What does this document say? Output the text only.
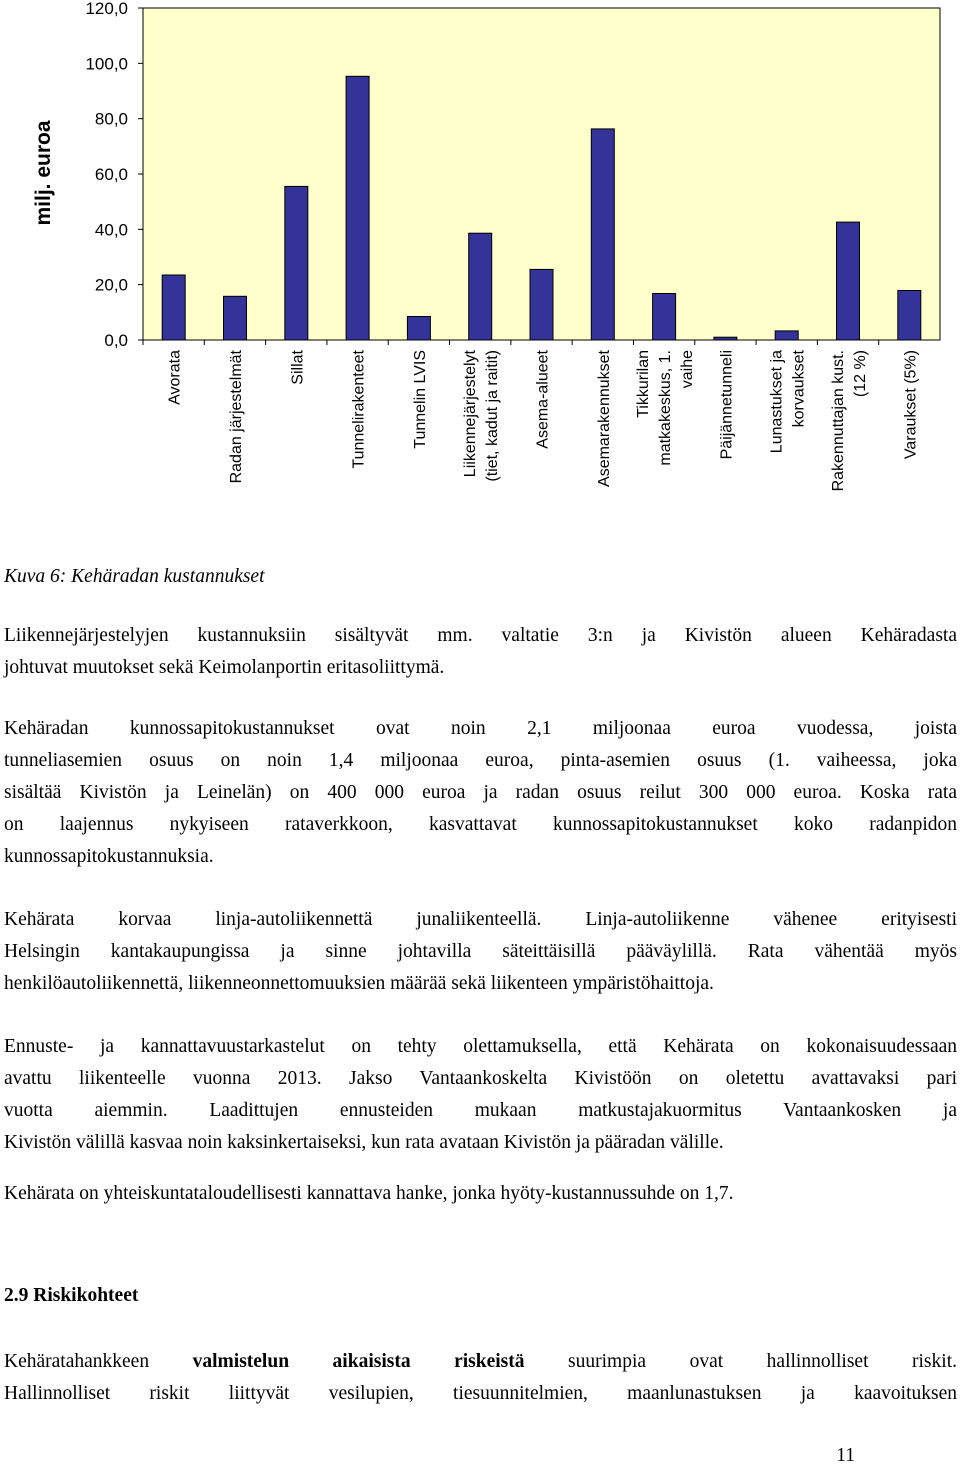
0,0
20,0
40,0
60,0
80,0
100,0
120,0
Avorata	Radan järjestelmät	Sillat	Tunnelirakenteet	Tunnelin LVIS Liikennejärjestelyt (tiet, kadut ja raitit) Asema-alueet	Asemarakennukset Tikkurilan matkakeskus, 1. vaihe Päijännetunneli Lunastukset ja korvaukset Rakennuttajan kust. (12 %) Varaukset (5%)
milj. euroa
Kuva 6: Kehäradan kustannukset
Liikennejärjestelyjen kustannuksiin sisältyvät mm. valtatie 3:n ja Kivistön alueen Kehäradasta
johtuvat muutokset sekä Keimolanportin eritasoliittymä.
Kehäradan kunnossapitokustannukset ovat noin 2,1 miljoonaa euroa vuodessa, joista
tunneliasemien osuus on noin 1,4 miljoonaa euroa, pinta-asemien osuus (1. vaiheessa, joka
sisältää Kivistön ja Leinelän) on 400 000 euroa ja radan osuus reilut 300 000 euroa. Koska rata
on laajennus nykyiseen rataverkkoon, kasvattavat kunnossapitokustannukset koko radanpidon
kunnossapitokustannuksia.
Kehärata korvaa linja-autoliikennettä junaliikenteellä. Linja-autoliikenne vähenee erityisesti
Helsingin kantakaupungissa ja sinne johtavilla säteittäisillä pääväylillä. Rata vähentää myös
henkilöautoliikennettä, liikenneonnettomuuksien määrää sekä liikenteen ympäristöhaittoja.
Ennuste- ja kannattavuustarkastelut on tehty olettamuksella, että Kehärata on kokonaisuudessaan
avattu liikenteelle vuonna 2013. Jakso Vantaankoskelta Kivistöön on oletettu avattavaksi pari
vuotta aiemmin. Laadittujen ennusteiden mukaan matkustajakuormitus Vantaankosken ja
Kivistön välillä kasvaa noin kaksinkertaiseksi, kun rata avataan Kivistön ja pääradan välille.
Kehärata on yhteiskuntataloudellisesti kannattava hanke, jonka hyöty-kustannussuhde on 1,7.
2.9 Riskikohteet
Kehäratahankkeen valmistelun aikaisista riskeistä suurimpia ovat hallinnolliset riskit.
Hallinnolliset riskit liittyvät vesilupien, tiesuunnitelmien, maanlunastuksen ja kaavoituksen
11
